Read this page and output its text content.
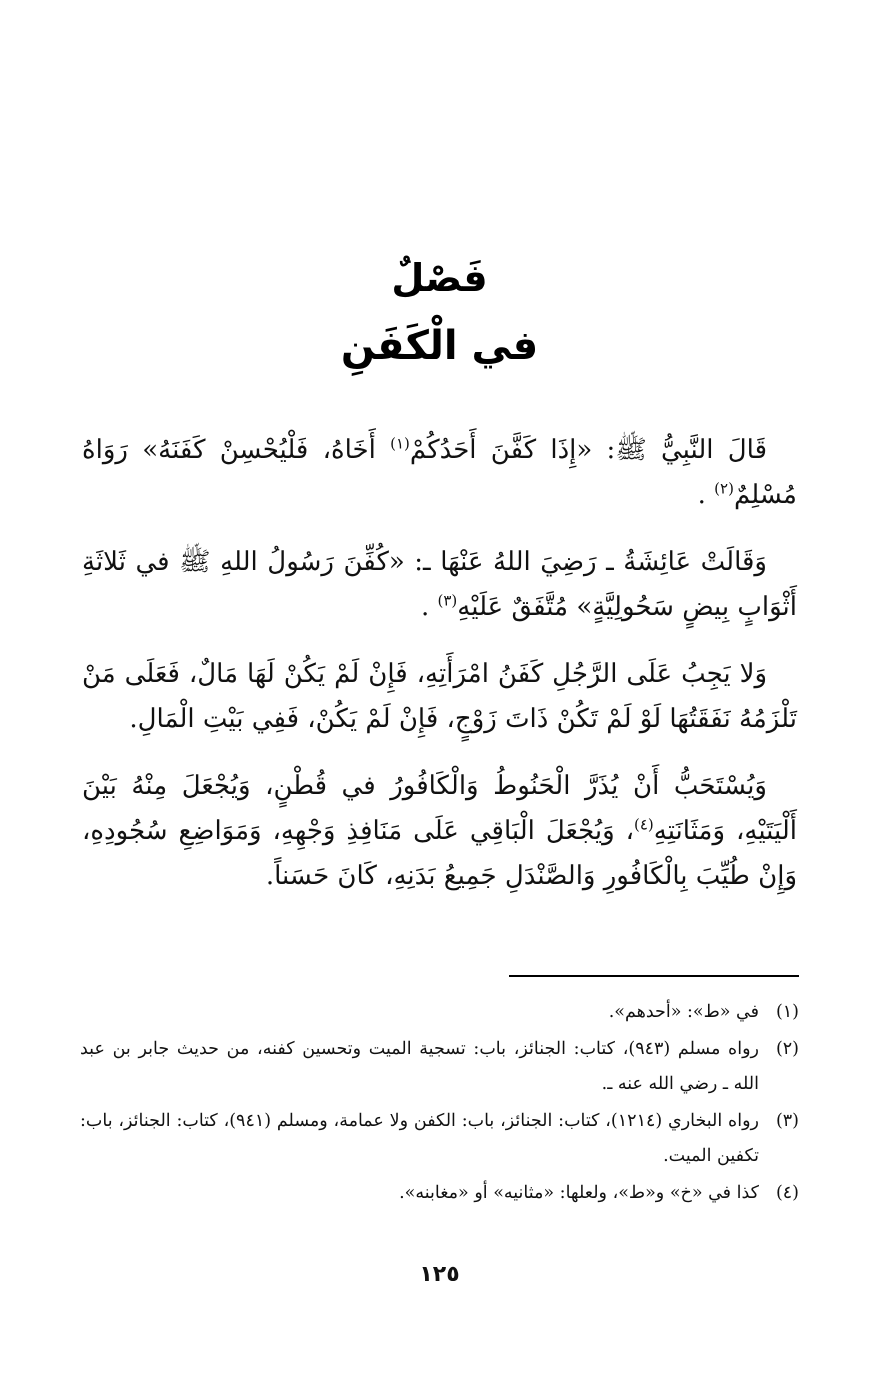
فَصْلٌ
في الْكَفَنِ

قَالَ النَّبِيُّ ﷺ: «إِذَا كَفَّنَ أَحَدُكُمْ$^{(١)}$ أَخَاهُ، فَلْيُحْسِنْ كَفَنَهُ» رَوَاهُ مُسْلِمٌ$^{(٢)}$ .

وَقَالَتْ عَائِشَةُ ـ رَضِيَ اللهُ عَنْهَا ـ: «كُفِّنَ رَسُولُ اللهِ ﷺ في ثَلاثَةِ أَثْوَابٍ بِيضٍ سَحُولِيَّةٍ» مُتَّفَقٌ عَلَيْهِ$^{(٣)}$ .

وَلا يَجِبُ عَلَى الرَّجُلِ كَفَنُ امْرَأَتِهِ، فَإِنْ لَمْ يَكُنْ لَهَا مَالٌ، فَعَلَى مَنْ تَلْزَمُهُ نَفَقَتُهَا لَوْ لَمْ تَكُنْ ذَاتَ زَوْجٍ، فَإِنْ لَمْ يَكُنْ، فَفِي بَيْتِ الْمَالِ.

وَيُسْتَحَبُّ أَنْ يُذَرَّ الْحَنُوطُ وَالْكَافُورُ في قُطْنٍ، وَيُجْعَلَ مِنْهُ بَيْنَ أَلْيَتَيْهِ، وَمَثَانَتِهِ$^{(٤)}$، وَيُجْعَلَ الْبَاقِي عَلَى مَنَافِذِ وَجْهِهِ، وَمَوَاضِعِ سُجُودِهِ، وَإِنْ طُيِّبَ بِالْكَافُورِ وَالصَّنْدَلِ جَمِيعُ بَدَنِهِ، كَانَ حَسَناً.

(١)
في «ط»: «أحدهم».
(٢)
رواه مسلم (٩٤٣)، كتاب: الجنائز، باب: تسجية الميت وتحسين كفنه، من حديث جابر بن عبد الله ـ رضي الله عنه ـ.
(٣)
رواه البخاري (١٢١٤)، كتاب: الجنائز، باب: الكفن ولا عمامة، ومسلم (٩٤١)، كتاب: الجنائز، باب: تكفين الميت.
(٤)
كذا في «خ» و«ط»، ولعلها: «مثانيه» أو «مغابنه».
١٢٥
